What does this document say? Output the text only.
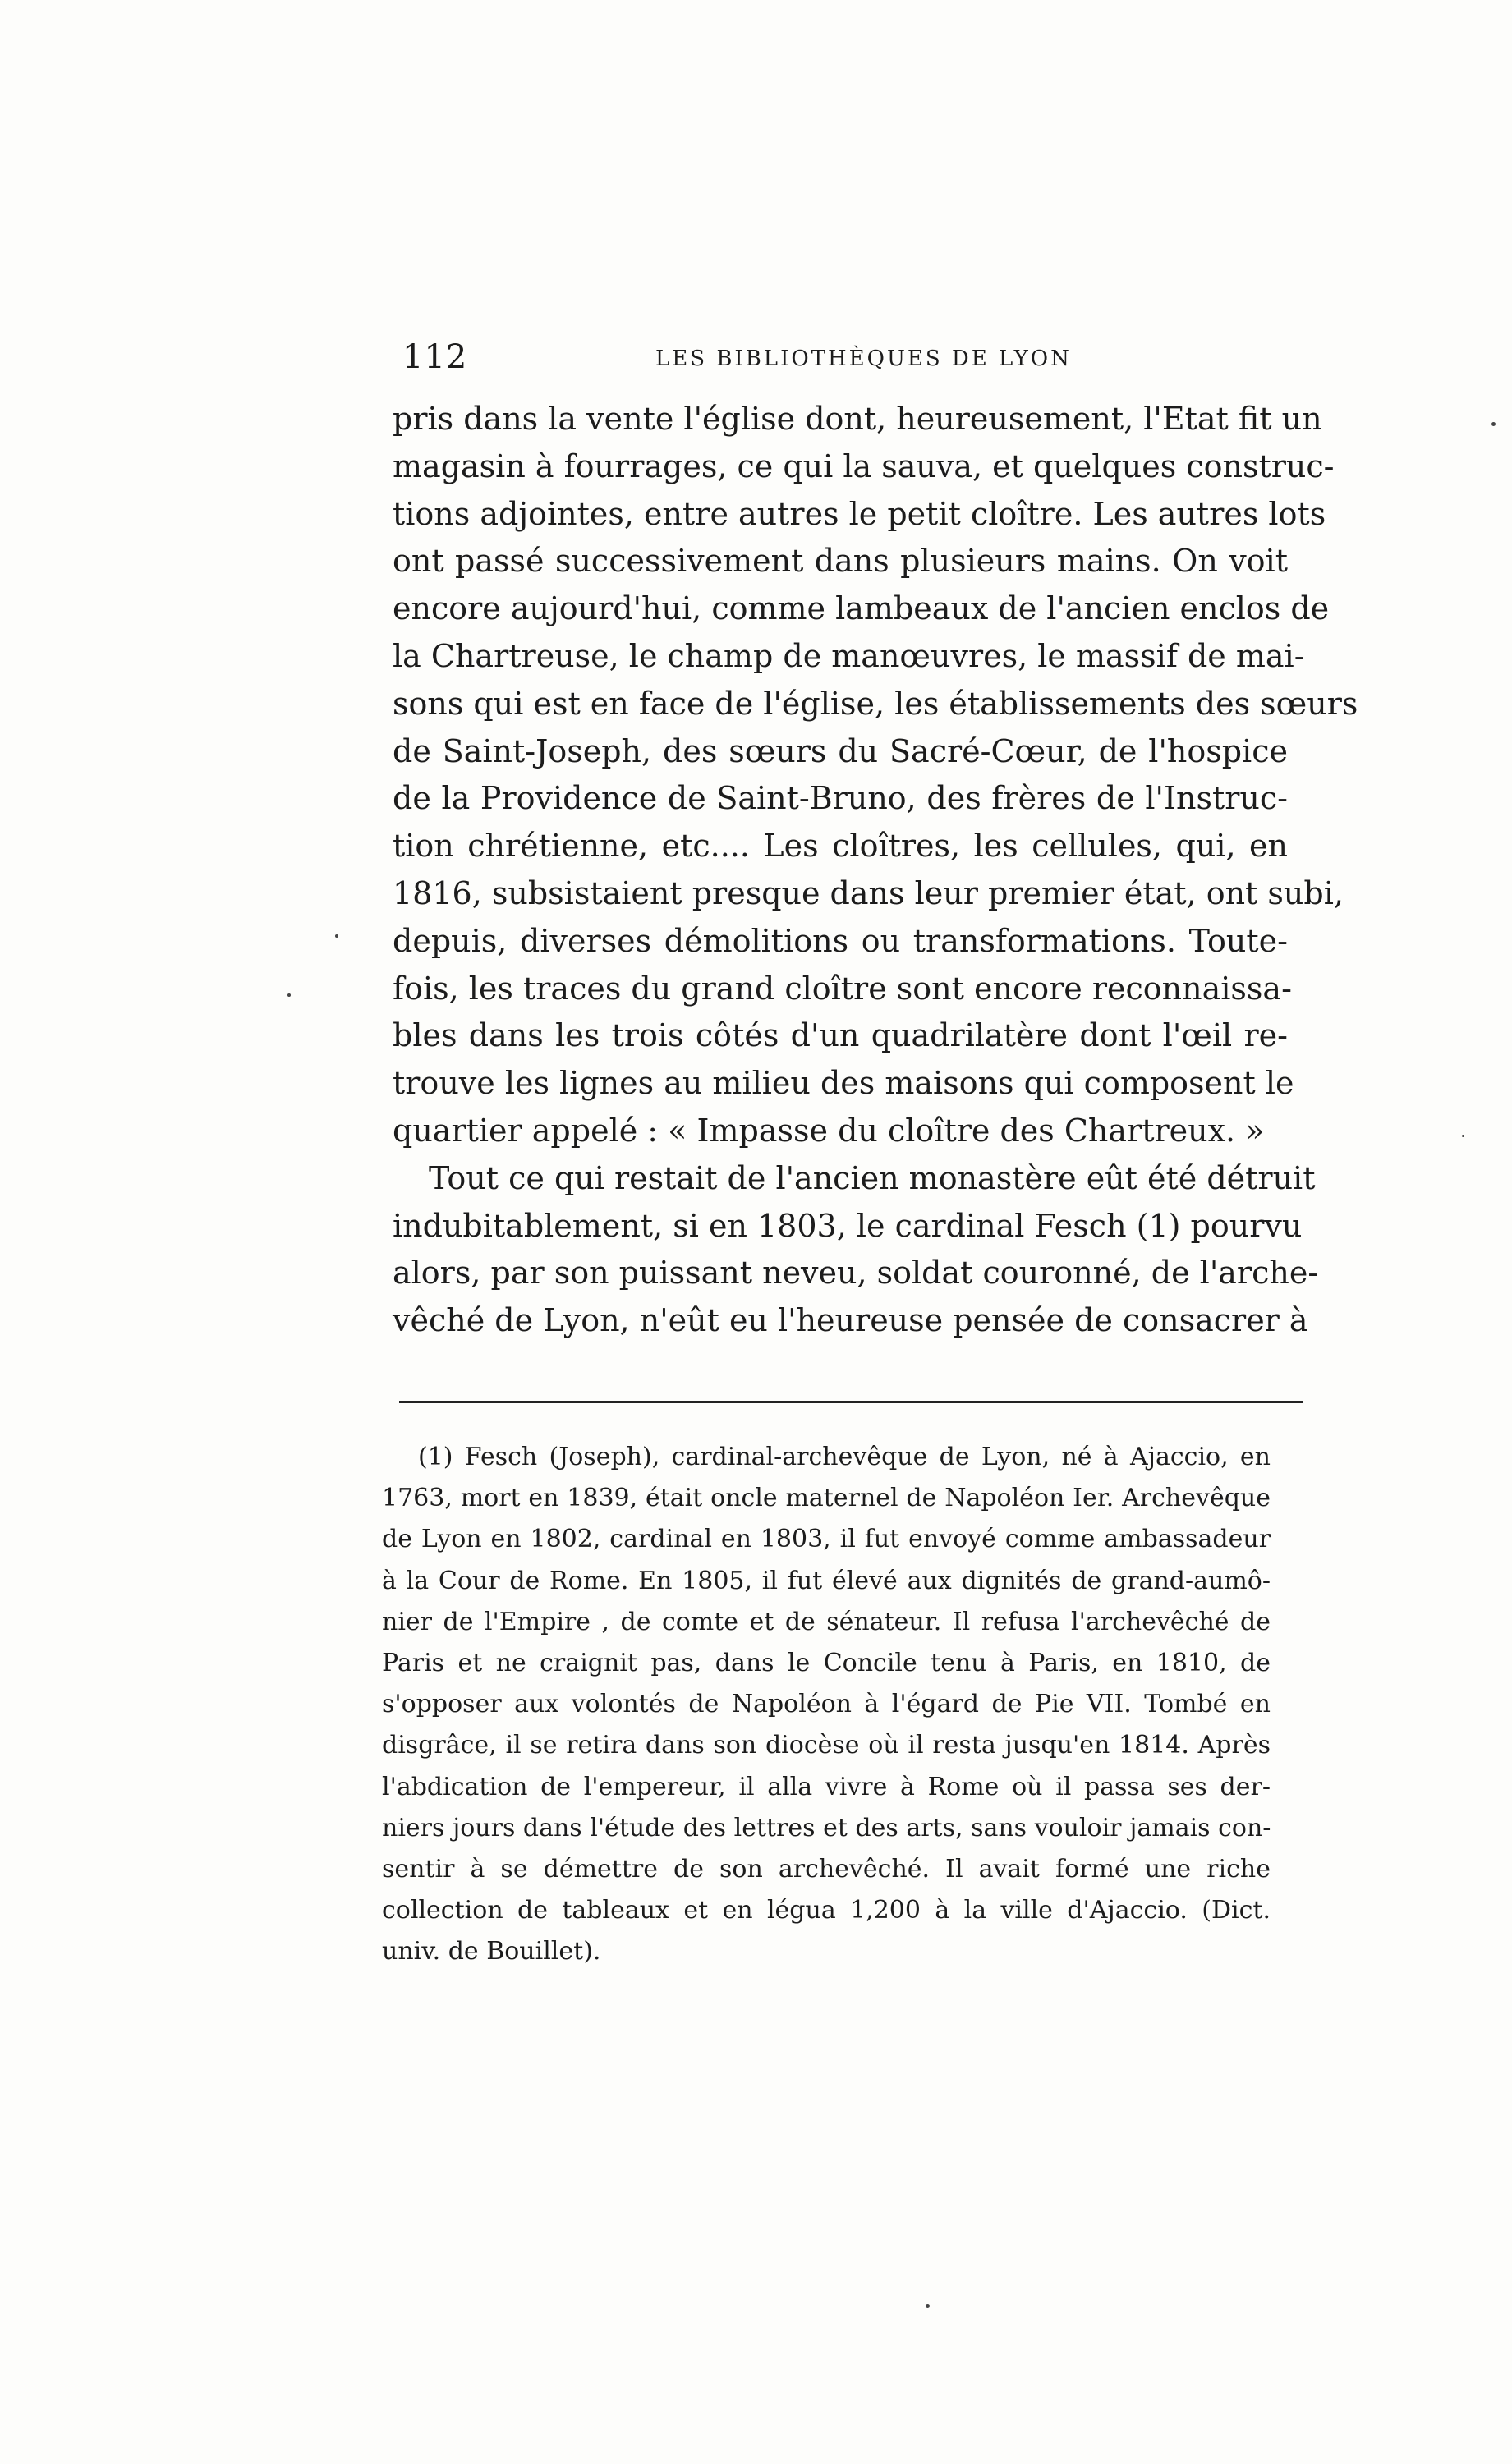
112	LES BIBLIOTHÈQUES DE LYON
pris dans la vente l'église dont, heureusement, l'Etat fit un
magasin à fourrages, ce qui la sauva, et quelques construc-
tions adjointes, entre autres le petit cloître. Les autres lots
ont passé successivement dans plusieurs mains. On voit
encore aujourd'hui, comme lambeaux de l'ancien enclos de
la Chartreuse, le champ de manœuvres, le massif de mai-
sons qui est en face de l'église, les établissements des sœurs
de Saint-Joseph, des sœurs du Sacré-Cœur, de l'hospice
de la Providence de Saint-Bruno, des frères de l'Instruc-
tion chrétienne, etc.... Les cloîtres, les cellules, qui, en
1816, subsistaient presque dans leur premier état, ont subi,
depuis, diverses démolitions ou transformations. Toute-
fois, les traces du grand cloître sont encore reconnaissa-
bles dans les trois côtés d'un quadrilatère dont l'œil re-
trouve les lignes au milieu des maisons qui composent le
quartier appelé : « Impasse du cloître des Chartreux. »
Tout ce qui restait de l'ancien monastère eût été détruit
indubitablement, si en 1803, le cardinal Fesch (1) pourvu
alors, par son puissant neveu, soldat couronné, de l'arche-
vêché de Lyon, n'eût eu l'heureuse pensée de consacrer à
(1) Fesch (Joseph), cardinal-archevêque de Lyon, né à Ajaccio, en
1763, mort en 1839, était oncle maternel de Napoléon Ier. Archevêque
de Lyon en 1802, cardinal en 1803, il fut envoyé comme ambassadeur
à la Cour de Rome. En 1805, il fut élevé aux dignités de grand-aumô-
nier de l'Empire , de comte et de sénateur. Il refusa l'archevêché de
Paris et ne craignit pas, dans le Concile tenu à Paris, en 1810, de
s'opposer aux volontés de Napoléon à l'égard de Pie VII. Tombé en
disgrâce, il se retira dans son diocèse où il resta jusqu'en 1814. Après
l'abdication de l'empereur, il alla vivre à Rome où il passa ses der-
niers jours dans l'étude des lettres et des arts, sans vouloir jamais con-
sentir à se démettre de son archevêché. Il avait formé une riche
collection de tableaux et en légua 1,200 à la ville d'Ajaccio. (Dict.
univ. de Bouillet).
